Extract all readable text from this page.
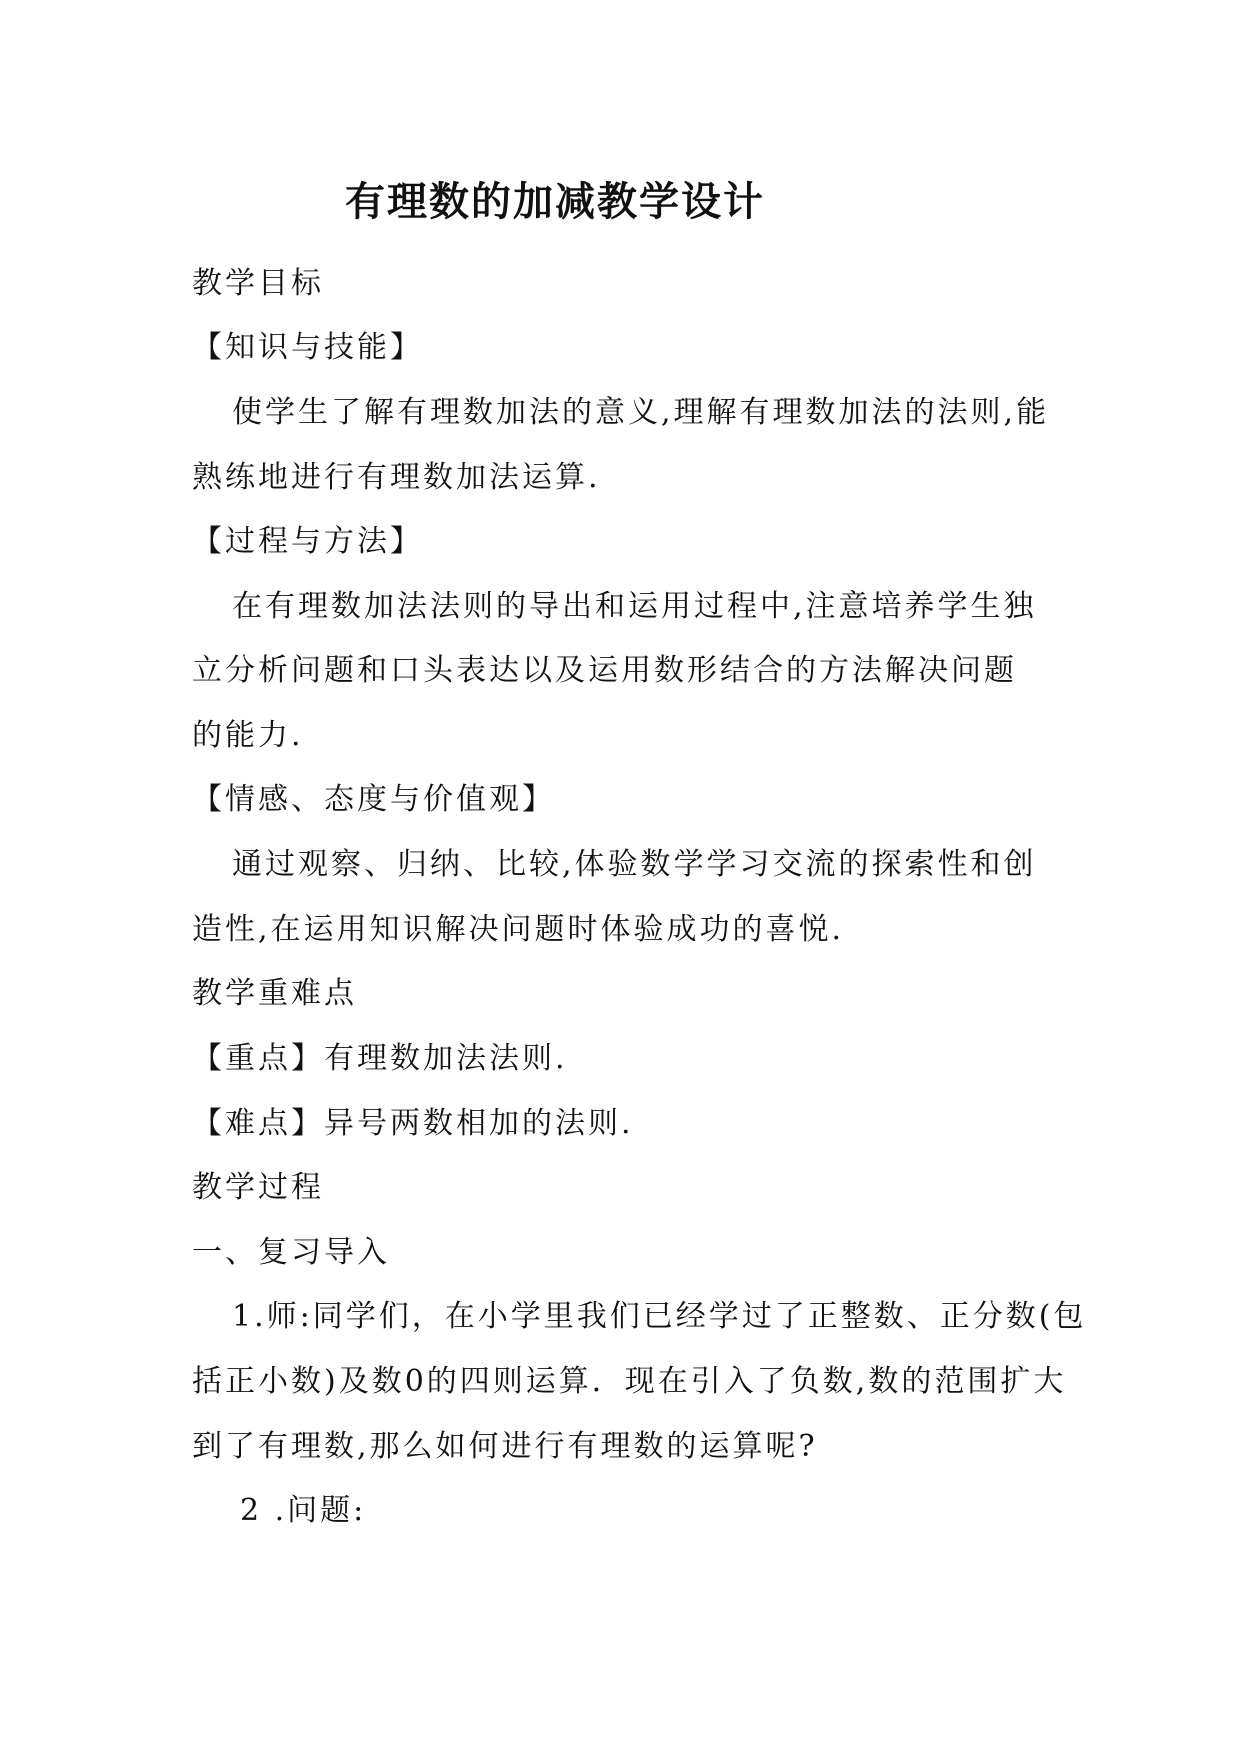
有理数的加减教学设计

教学目标

【知识与技能】

使学生了解有理数加法的意义,理解有理数加法的法则,能

熟练地进行有理数加法运算.

【过程与方法】

在有理数加法法则的导出和运用过程中,注意培养学生独

立分析问题和口头表达以及运用数形结合的方法解决问题

的能力.

【情感、态度与价值观】

通过观察、归纳、比较,体验数学学习交流的探索性和创

造性,在运用知识解决问题时体验成功的喜悦.

教学重难点

【重点】有理数加法法则.

【难点】异号两数相加的法则.

教学过程

一、复习导入

1.师:同学们，在小学里我们已经学过了正整数、正分数(包

括正小数)及数0的四则运算．现在引入了负数,数的范围扩大

到了有理数,那么如何进行有理数的运算呢?

2 .问题:
